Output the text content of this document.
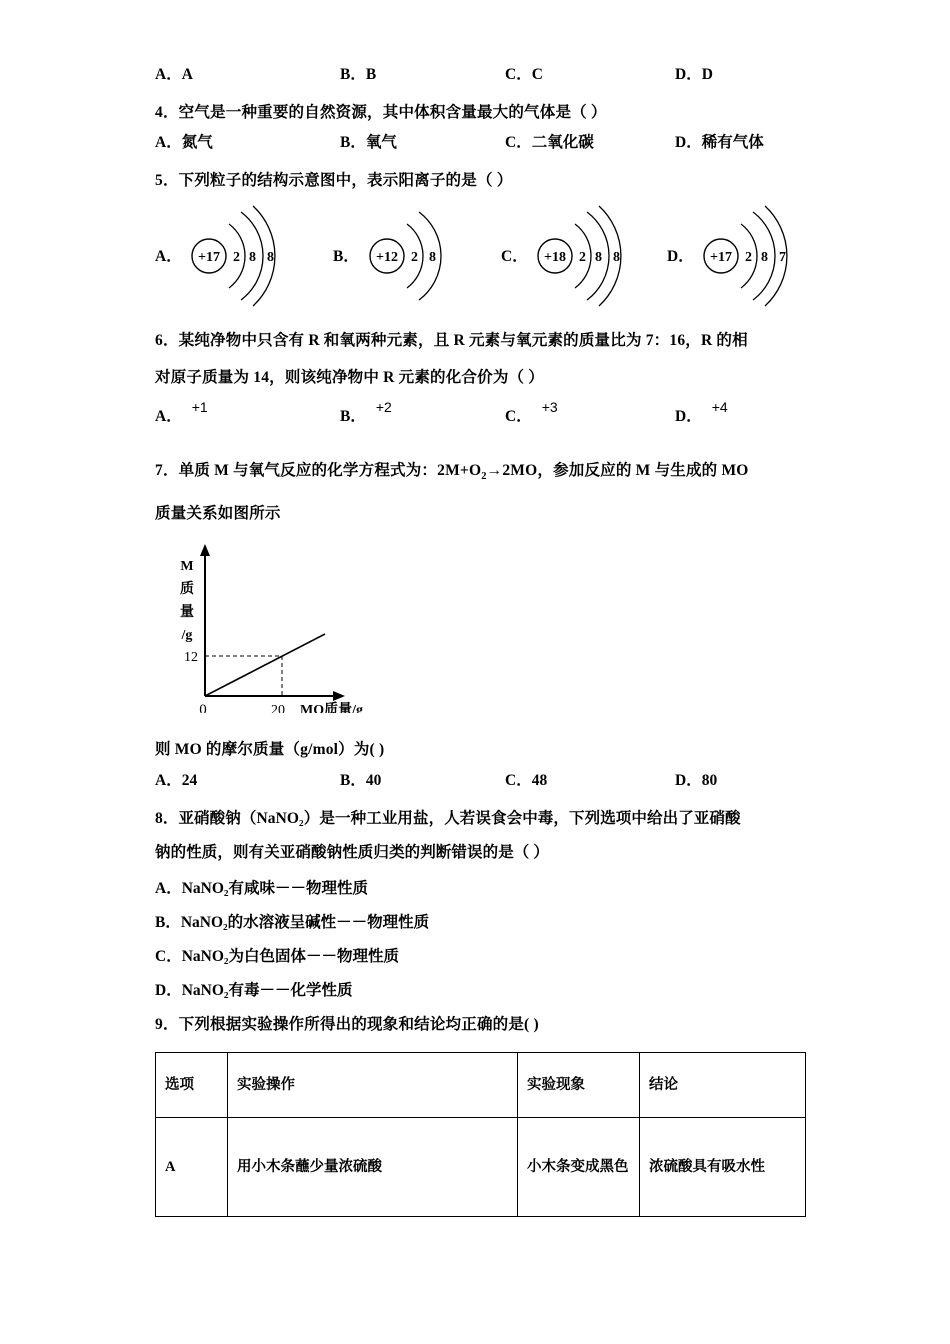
A．A	B．B	C．C	D．D
4．空气是一种重要的自然资源，其中体积含量最大的气体是（ ）
A．氮气	B．氧气	C．二氧化碳	D．稀有气体
5．下列粒子的结构示意图中，表示阳离子的是（ ）
A． +17 2 8 8	B． +12 2 8	C． +18 2 8 8	D． +17 2 8 7
6．某纯净物中只含有 R 和氧两种元素，且 R 元素与氧元素的质量比为 7：16，R 的相
对原子质量为 14，则该纯净物中 R 元素的化合价为（ ）
A．+1
B．+2
C．+3
D．+4
7．单质 M 与氧气反应的化学方程式为：$2M+O_2\to 2MO$，参加反应的 M 与生成的 MO
质量关系如图所示
M
质
量
/g
12
0	20 MO质量/g
则 MO 的摩尔质量（g/mol）为( )
A．24	B．40	C．48	D．80
8．亚硝酸钠（NaNO₂）是一种工业用盐，人若误食会中毒，下列选项中给出了亚硝酸
钠的性质，则有关亚硝酸钠性质归类的判断错误的是（ ）
A．NaNO₂有咸味－－物理性质
B．NaNO₂的水溶液呈碱性－－物理性质
C．NaNO₂为白色固体－－物理性质
D．NaNO₂有毒－－化学性质
9．下列根据实验操作所得出的现象和结论均正确的是( )
选项	实验操作	实验现象	结论
A	用小木条蘸少量浓硫酸	小木条变成黑色	浓硫酸具有吸水性
